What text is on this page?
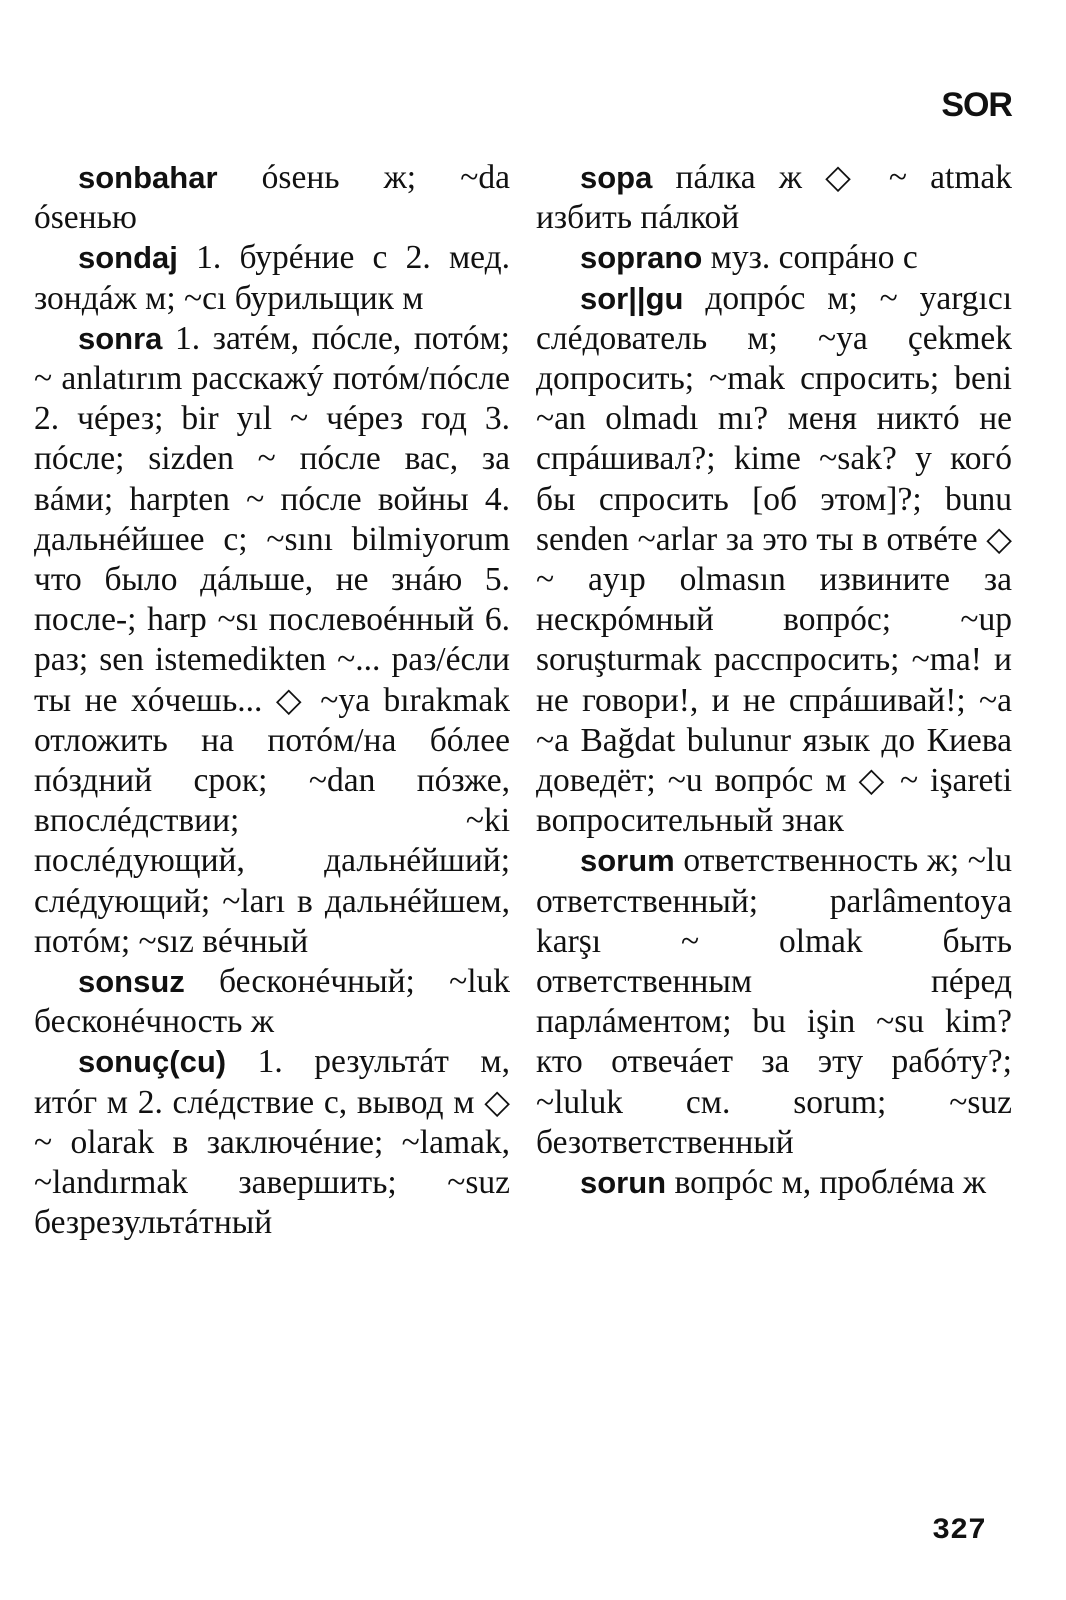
SOR

sonbahar ósень ж; ~da ósенью

sondaj 1. бурéние с 2. мед. зондáж м; ~cı бурильщик м

sonra 1. затéм, пóсле, потóм; ~ anlatırım расскажý потóм/пóсле 2. чéрез; bir yıl ~ чéрез год 3. пóсле; sizden ~ пóсле вас, за вáми; harpten ~ пóсле войны 4. дальнéйшее с; ~sını bilmiyorum что было дáльше, не знáю 5. после-; harp ~sı послевоéнный 6. раз; sen istemedikten ~... раз/éсли ты не хóчешь... ◇ ~ya bırakmak отложить на потóм/на бóлее пóздний срок; ~dan пóзже, впослéдствии; ~ki послéдующий, дальнéйший; слéдующий; ~ları в дальнéйшем, потóм; ~sız вéчный

sonsuz бесконéчный; ~luk бесконéчность ж

sonuç(cu) 1. результáт м, итóг м 2. слéдствие с, вывод м ◇ ~ olarak в заключéние; ~lamak, ~landırmak завершить; ~suz безрезультáтный

sopa пáлка ж ◇ ~ atmak избить пáлкой

soprano муз. сопрáно с

sor||gu допрóс м; ~ yargıcı слéдователь м; ~ya çekmek допросить; ~mak спросить; beni ~an olmadı mı? меня никтó не спрáшивал?; kime ~sak? у когó бы спросить [об этом]?; bunu senden ~arlar за это ты в отвéте ◇ ~ ayıp olmasın извините за нескрóмный вопрóс; ~up soruşturmak расспросить; ~ma! и не говори!, и не спрáшивай!; ~a ~a Bağdat bulunur язык до Киева доведёт; ~u вопрóс м ◇ ~ işareti вопросительный знак

sorum ответственность ж; ~lu ответственный; parlâmentoya karşı ~ olmak быть ответственным пéред парлáментом; bu işin ~su kim? кто отвечáет за эту рабóту?; ~luluk см. sorum; ~suz безответственный

sorun вопрóс м, проблéма ж

327
